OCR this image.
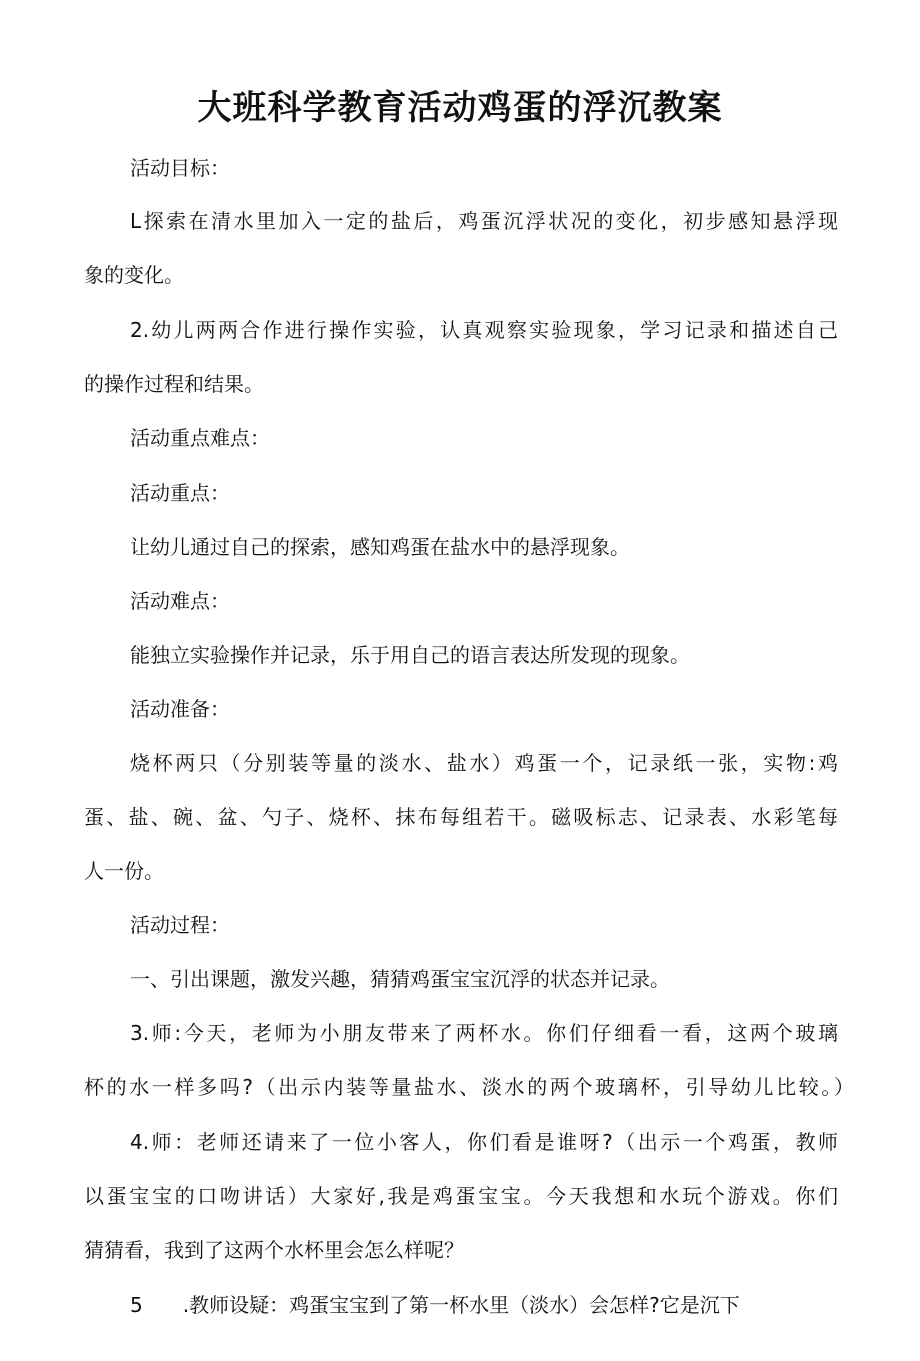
大班科学教育活动鸡蛋的浮沉教案
活动目标：
L探索在清水里加入一定的盐后，鸡蛋沉浮状况的变化，初步感知悬浮现
象的变化。
2.幼儿两两合作进行操作实验，认真观察实验现象，学习记录和描述自己
的操作过程和结果。
活动重点难点：
活动重点：
让幼儿通过自己的探索，感知鸡蛋在盐水中的悬浮现象。
活动难点：
能独立实验操作并记录，乐于用自己的语言表达所发现的现象。
活动准备：
烧杯两只（分别装等量的淡水、盐水）鸡蛋一个，记录纸一张，实物:鸡
蛋、盐、碗、盆、勺子、烧杯、抹布每组若干。磁吸标志、记录表、水彩笔每
人一份。
活动过程：
一、引出课题，激发兴趣，猜猜鸡蛋宝宝沉浮的状态并记录。
3.师:今天，老师为小朋友带来了两杯水。你们仔细看一看，这两个玻璃
杯的水一样多吗?（出示内装等量盐水、淡水的两个玻璃杯，引导幼儿比较。）
4.师：老师还请来了一位小客人，你们看是谁呀?（出示一个鸡蛋，教师
以蛋宝宝的口吻讲话）大家好,我是鸡蛋宝宝。今天我想和水玩个游戏。你们
猜猜看，我到了这两个水杯里会怎么样呢？
5　　.教师设疑：鸡蛋宝宝到了第一杯水里（淡水）会怎样?它是沉下
